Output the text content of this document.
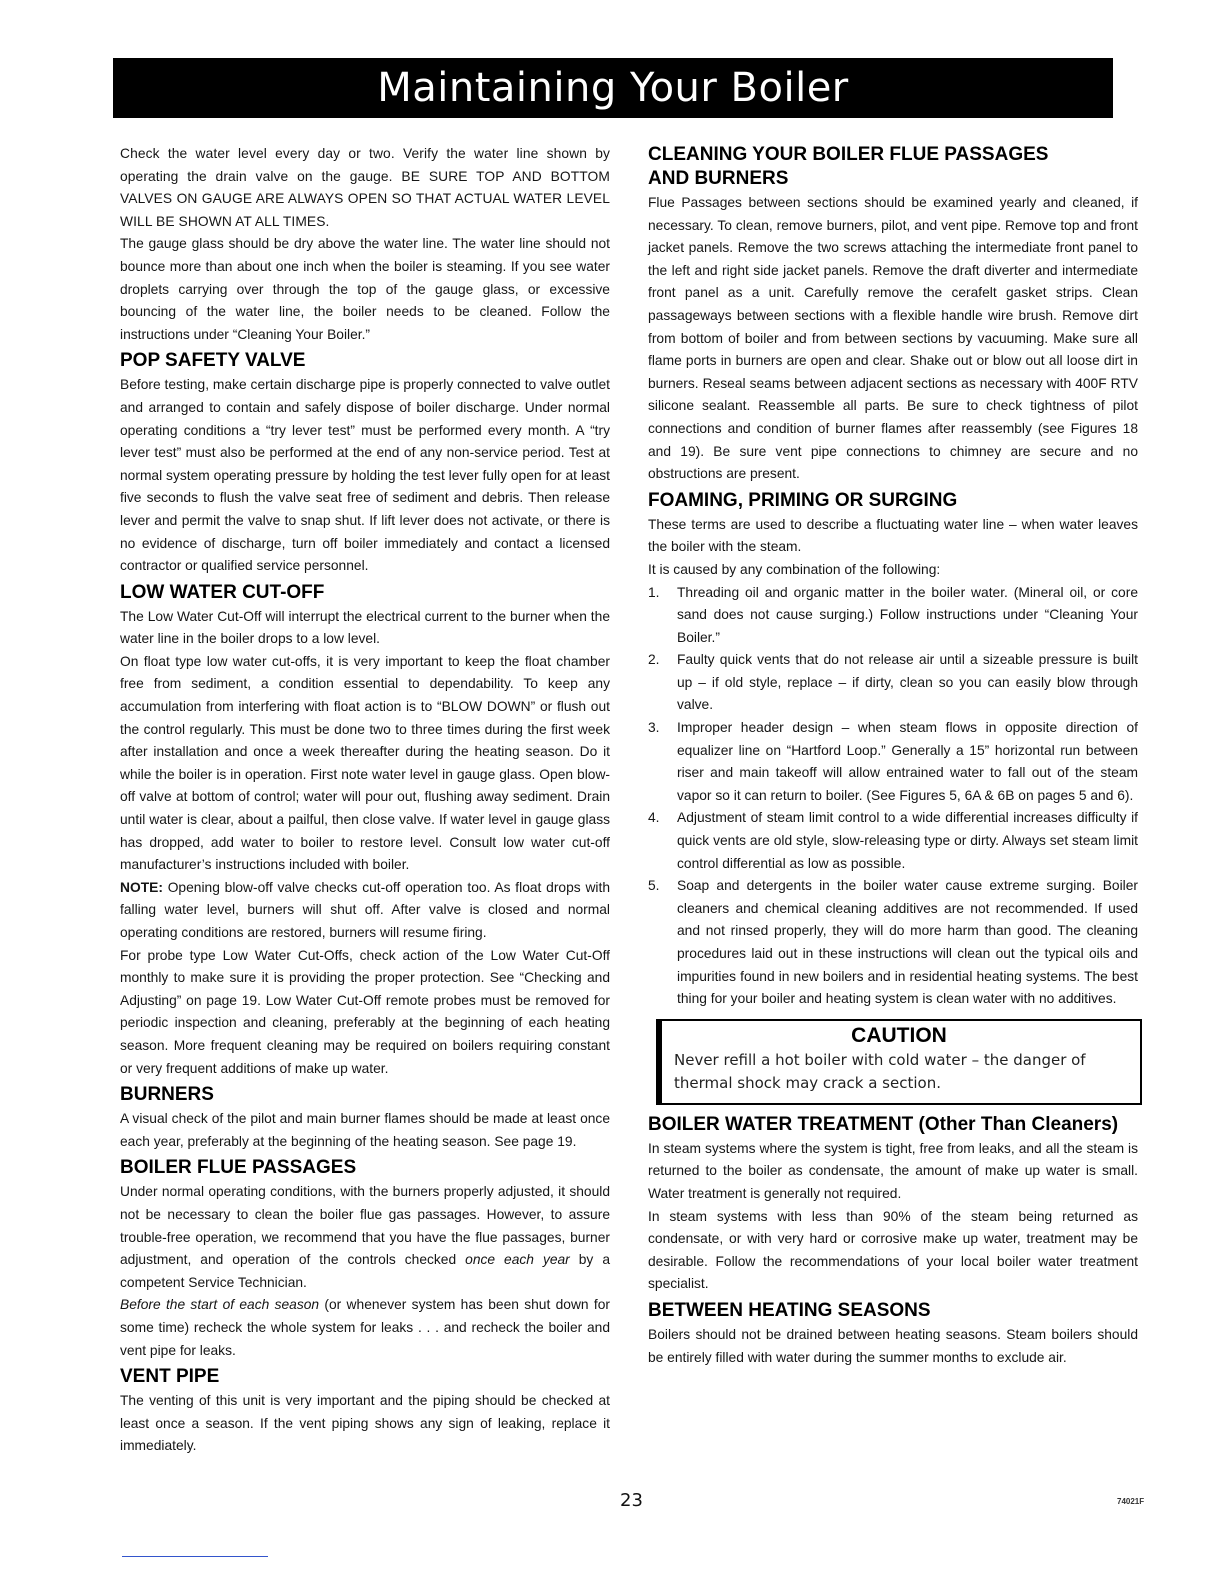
Maintaining Your Boiler

Check the water level every day or two. Verify the water line shown by operating the drain valve on the gauge. BE SURE TOP AND BOTTOM VALVES ON GAUGE ARE ALWAYS OPEN SO THAT ACTUAL WATER LEVEL WILL BE SHOWN AT ALL TIMES.

The gauge glass should be dry above the water line. The water line should not bounce more than about one inch when the boiler is steaming. If you see water droplets carrying over through the top of the gauge glass, or excessive bouncing of the water line, the boiler needs to be cleaned. Follow the instructions under “Cleaning Your Boiler.”

POP SAFETY VALVE

Before testing, make certain discharge pipe is properly connected to valve outlet and arranged to contain and safely dispose of boiler discharge. Under normal operating conditions a “try lever test” must be performed every month. A “try lever test” must also be performed at the end of any non-service period. Test at normal system operating pressure by holding the test lever fully open for at least five seconds to flush the valve seat free of sediment and debris. Then release lever and permit the valve to snap shut. If lift lever does not activate, or there is no evidence of discharge, turn off boiler immediately and contact a licensed contractor or qualified service personnel.

LOW WATER CUT-OFF

The Low Water Cut-Off will interrupt the electrical current to the burner when the water line in the boiler drops to a low level.

On float type low water cut-offs, it is very important to keep the float chamber free from sediment, a condition essential to dependability. To keep any accumulation from interfering with float action is to “BLOW DOWN” or flush out the control regularly. This must be done two to three times during the first week after installation and once a week thereafter during the heating season. Do it while the boiler is in operation. First note water level in gauge glass. Open blow-off valve at bottom of control; water will pour out, flushing away sediment. Drain until water is clear, about a pailful, then close valve. If water level in gauge glass has dropped, add water to boiler to restore level. Consult low water cut-off manufacturer’s instructions included with boiler.

NOTE: Opening blow-off valve checks cut-off operation too. As float drops with falling water level, burners will shut off. After valve is closed and normal operating conditions are restored, burners will resume firing.

For probe type Low Water Cut-Offs, check action of the Low Water Cut-Off monthly to make sure it is providing the proper protection. See “Checking and Adjusting” on page 19. Low Water Cut-Off remote probes must be removed for periodic inspection and cleaning, preferably at the beginning of each heating season. More frequent cleaning may be required on boilers requiring constant or very frequent additions of make up water.

BURNERS

A visual check of the pilot and main burner flames should be made at least once each year, preferably at the beginning of the heating season. See page 19.

BOILER FLUE PASSAGES

Under normal operating conditions, with the burners properly adjusted, it should not be necessary to clean the boiler flue gas passages. However, to assure trouble-free operation, we recommend that you have the flue passages, burner adjustment, and operation of the controls checked once each year by a competent Service Technician.

Before the start of each season (or whenever system has been shut down for some time) recheck the whole system for leaks . . . and recheck the boiler and vent pipe for leaks.

VENT PIPE

The venting of this unit is very important and the piping should be checked at least once a season. If the vent piping shows any sign of leaking, replace it immediately.

CLEANING YOUR BOILER FLUE PASSAGES
AND BURNERS

Flue Passages between sections should be examined yearly and cleaned, if necessary. To clean, remove burners, pilot, and vent pipe. Remove top and front jacket panels. Remove the two screws attaching the intermediate front panel to the left and right side jacket panels. Remove the draft diverter and intermediate front panel as a unit. Carefully remove the cerafelt gasket strips. Clean passageways between sections with a flexible handle wire brush. Remove dirt from bottom of boiler and from between sections by vacuuming. Make sure all flame ports in burners are open and clear. Shake out or blow out all loose dirt in burners. Reseal seams between adjacent sections as necessary with 400F RTV silicone sealant. Reassemble all parts. Be sure to check tightness of pilot connections and condition of burner flames after reassembly (see Figures 18 and 19). Be sure vent pipe connections to chimney are secure and no obstructions are present.

FOAMING, PRIMING OR SURGING

These terms are used to describe a fluctuating water line – when water leaves the boiler with the steam.

It is caused by any combination of the following:

1.	Threading oil and organic matter in the boiler water. (Mineral oil, or core sand does not cause surging.) Follow instructions under “Cleaning Your Boiler.”
2.	Faulty quick vents that do not release air until a sizeable pressure is built up – if old style, replace – if dirty, clean so you can easily blow through valve.
3.	Improper header design – when steam flows in opposite direction of equalizer line on “Hartford Loop.” Generally a 15” horizontal run between riser and main takeoff will allow entrained water to fall out of the steam vapor so it can return to boiler. (See Figures 5, 6A & 6B on pages 5 and 6).
4.	Adjustment of steam limit control to a wide differential increases difficulty if quick vents are old style, slow-releasing type or dirty. Always set steam limit control differential as low as possible.
5.	Soap and detergents in the boiler water cause extreme surging. Boiler cleaners and chemical cleaning additives are not recommended. If used and not rinsed properly, they will do more harm than good. The cleaning procedures laid out in these instructions will clean out the typical oils and impurities found in new boilers and in residential heating systems. The best thing for your boiler and heating system is clean water with no additives.
CAUTION
Never refill a hot boiler with cold water – the danger of thermal shock may crack a section.
BOILER WATER TREATMENT (Other Than Cleaners)

In steam systems where the system is tight, free from leaks, and all the steam is returned to the boiler as condensate, the amount of make up water is small. Water treatment is generally not required.

In steam systems with less than 90% of the steam being returned as condensate, or with very hard or corrosive make up water, treatment may be desirable. Follow the recommendations of your local boiler water treatment specialist.

BETWEEN HEATING SEASONS

Boilers should not be drained between heating seasons. Steam boilers should be entirely filled with water during the summer months to exclude air.

23	74021F
